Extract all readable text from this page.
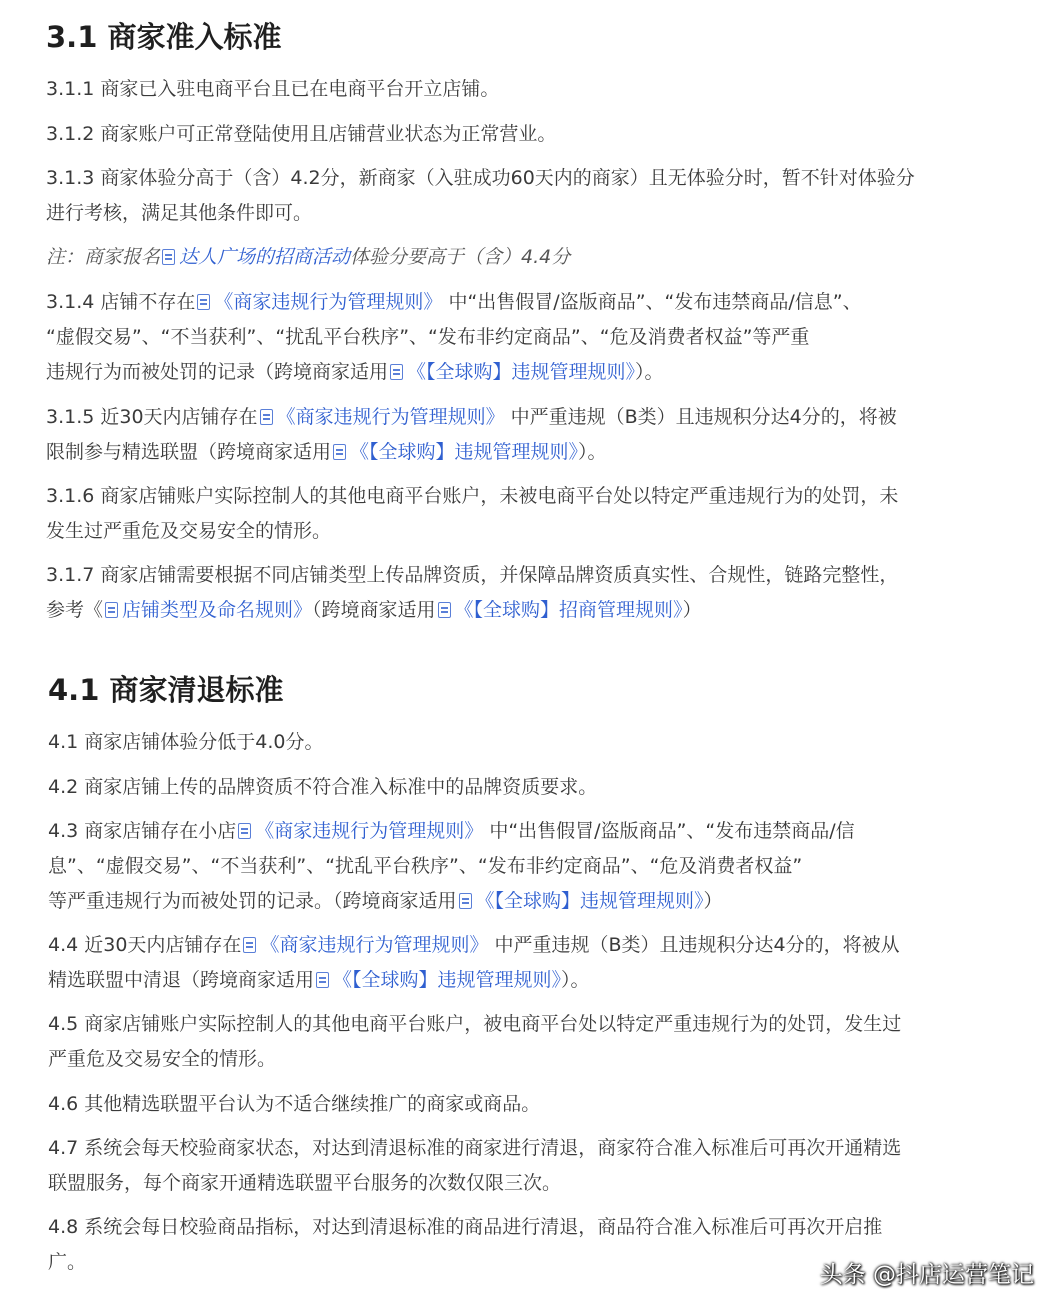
3.1 商家准入标准

3.1.1 商家已入驻电商平台且已在电商平台开立店铺。

3.1.2 商家账户可正常登陆使用且店铺营业状态为正常营业。

3.1.3 商家体验分高于（含）4.2分，新商家（入驻成功60天内的商家）且无体验分时，暂不针对体验分
进行考核，满足其他条件即可。

注：商家报名 达人广场的招商活动体验分要高于（含）4.4分

3.1.4 店铺不存在 《商家违规行为管理规则》 中“出售假冒/盗版商品”、“发布违禁商品/信息”、
“虚假交易”、“不当获利”、“扰乱平台秩序”、“发布非约定商品”、“危及消费者权益”等严重
违规行为而被处罚的记录（跨境商家适用 《【全球购】违规管理规则》）。
3.1.5 近30天内店铺存在 《商家违规行为管理规则》 中严重违规（B类）且违规积分达4分的，将被
限制参与精选联盟（跨境商家适用 《【全球购】违规管理规则》）。
3.1.6 商家店铺账户实际控制人的其他电商平台账户，未被电商平台处以特定严重违规行为的处罚，未
发生过严重危及交易安全的情形。
3.1.7 商家店铺需要根据不同店铺类型上传品牌资质，并保障品牌资质真实性、合规性，链路完整性，
参考《 店铺类型及命名规则》（跨境商家适用 《【全球购】招商管理规则》）
4.1 商家清退标准

4.1 商家店铺体验分低于4.0分。

4.2 商家店铺上传的品牌资质不符合准入标准中的品牌资质要求。

4.3 商家店铺存在小店 《商家违规行为管理规则》 中“出售假冒/盗版商品”、“发布违禁商品/信
息”、“虚假交易”、“不当获利”、“扰乱平台秩序”、“发布非约定商品”、“危及消费者权益”
等严重违规行为而被处罚的记录。（跨境商家适用 《【全球购】违规管理规则》）
4.4 近30天内店铺存在 《商家违规行为管理规则》 中严重违规（B类）且违规积分达4分的，将被从
精选联盟中清退（跨境商家适用 《【全球购】违规管理规则》）。
4.5 商家店铺账户实际控制人的其他电商平台账户，被电商平台处以特定严重违规行为的处罚，发生过
严重危及交易安全的情形。

4.6 其他精选联盟平台认为不适合继续推广的商家或商品。

4.7 系统会每天校验商家状态，对达到清退标准的商家进行清退，商家符合准入标准后可再次开通精选
联盟服务，每个商家开通精选联盟平台服务的次数仅限三次。
4.8 系统会每日校验商品指标，对达到清退标准的商品进行清退，商品符合准入标准后可再次开启推
广。	头条 @抖店运营笔记
